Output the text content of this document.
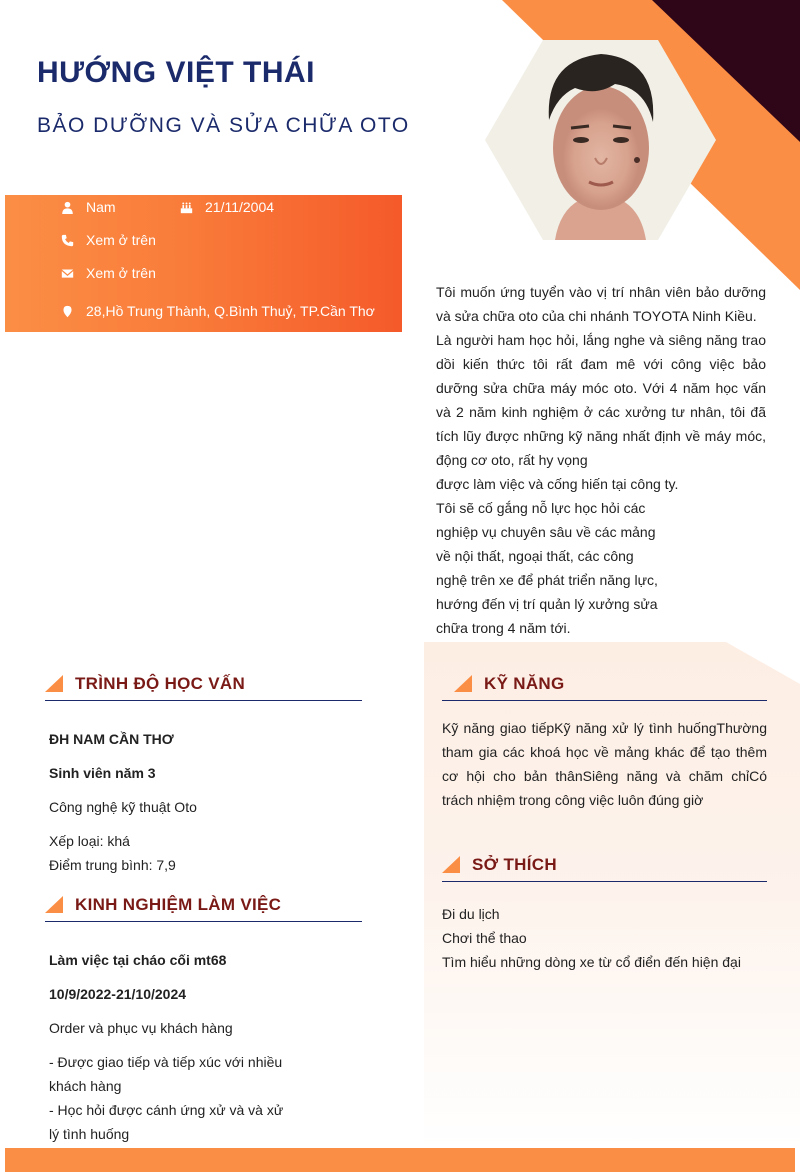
HƯỚNG VIỆT THÁI
BẢO DƯỠNG VÀ SỬA CHỮA OTO
Nam	21/11/2004
Xem ở trên
Xem ở trên
28,Hồ Trung Thành, Q.Bình Thuỷ, TP.Cần Thơ

Tôi muốn ứng tuyển vào vị trí nhân viên bảo dưỡng và sửa chữa oto của chi nhánh TOYOTA Ninh Kiều.

Là người ham học hỏi, lắng nghe và siêng năng trao dồi kiến thức tôi rất đam mê với công việc bảo dưỡng sửa chữa máy móc oto. Với 4 năm học vấn và 2 năm kinh nghiệm ở các xưởng tư nhân, tôi đã tích lũy được những kỹ năng nhất định về máy móc, động cơ oto, rất hy vọng

được làm việc và cống hiến tại công ty.
Tôi sẽ cố gắng nỗ lực học hỏi các
nghiệp vụ chuyên sâu về các mảng
về nội thất, ngoại thất, các công
nghệ trên xe để phát triển năng lực,
hướng đến vị trí quản lý xưởng sửa
chữa trong 4 năm tới.
TRÌNH ĐỘ HỌC VẤN
ĐH NAM CẦN THƠ
Sinh viên năm 3
Công nghệ kỹ thuật Oto
Xếp loại: khá
Điểm trung bình: 7,9
KINH NGHIỆM LÀM VIỆC
Làm việc tại cháo cối mt68
10/9/2022-21/10/2024
Order và phục vụ khách hàng
- Được giao tiếp và tiếp xúc với nhiều
khách hàng
- Học hỏi được cánh ứng xử và và xử
lý tình huống
KỸ NĂNG
Kỹ năng giao tiếpKỹ năng xử lý tình huốngThường tham gia các khoá học về mảng khác để tạo thêm cơ hội cho bản thânSiêng năng và chăm chỉCó trách nhiệm trong công việc luôn đúng giờ
SỞ THÍCH
Đi du lịch
Chơi thể thao
Tìm hiểu những dòng xe từ cổ điển đến hiện đại
